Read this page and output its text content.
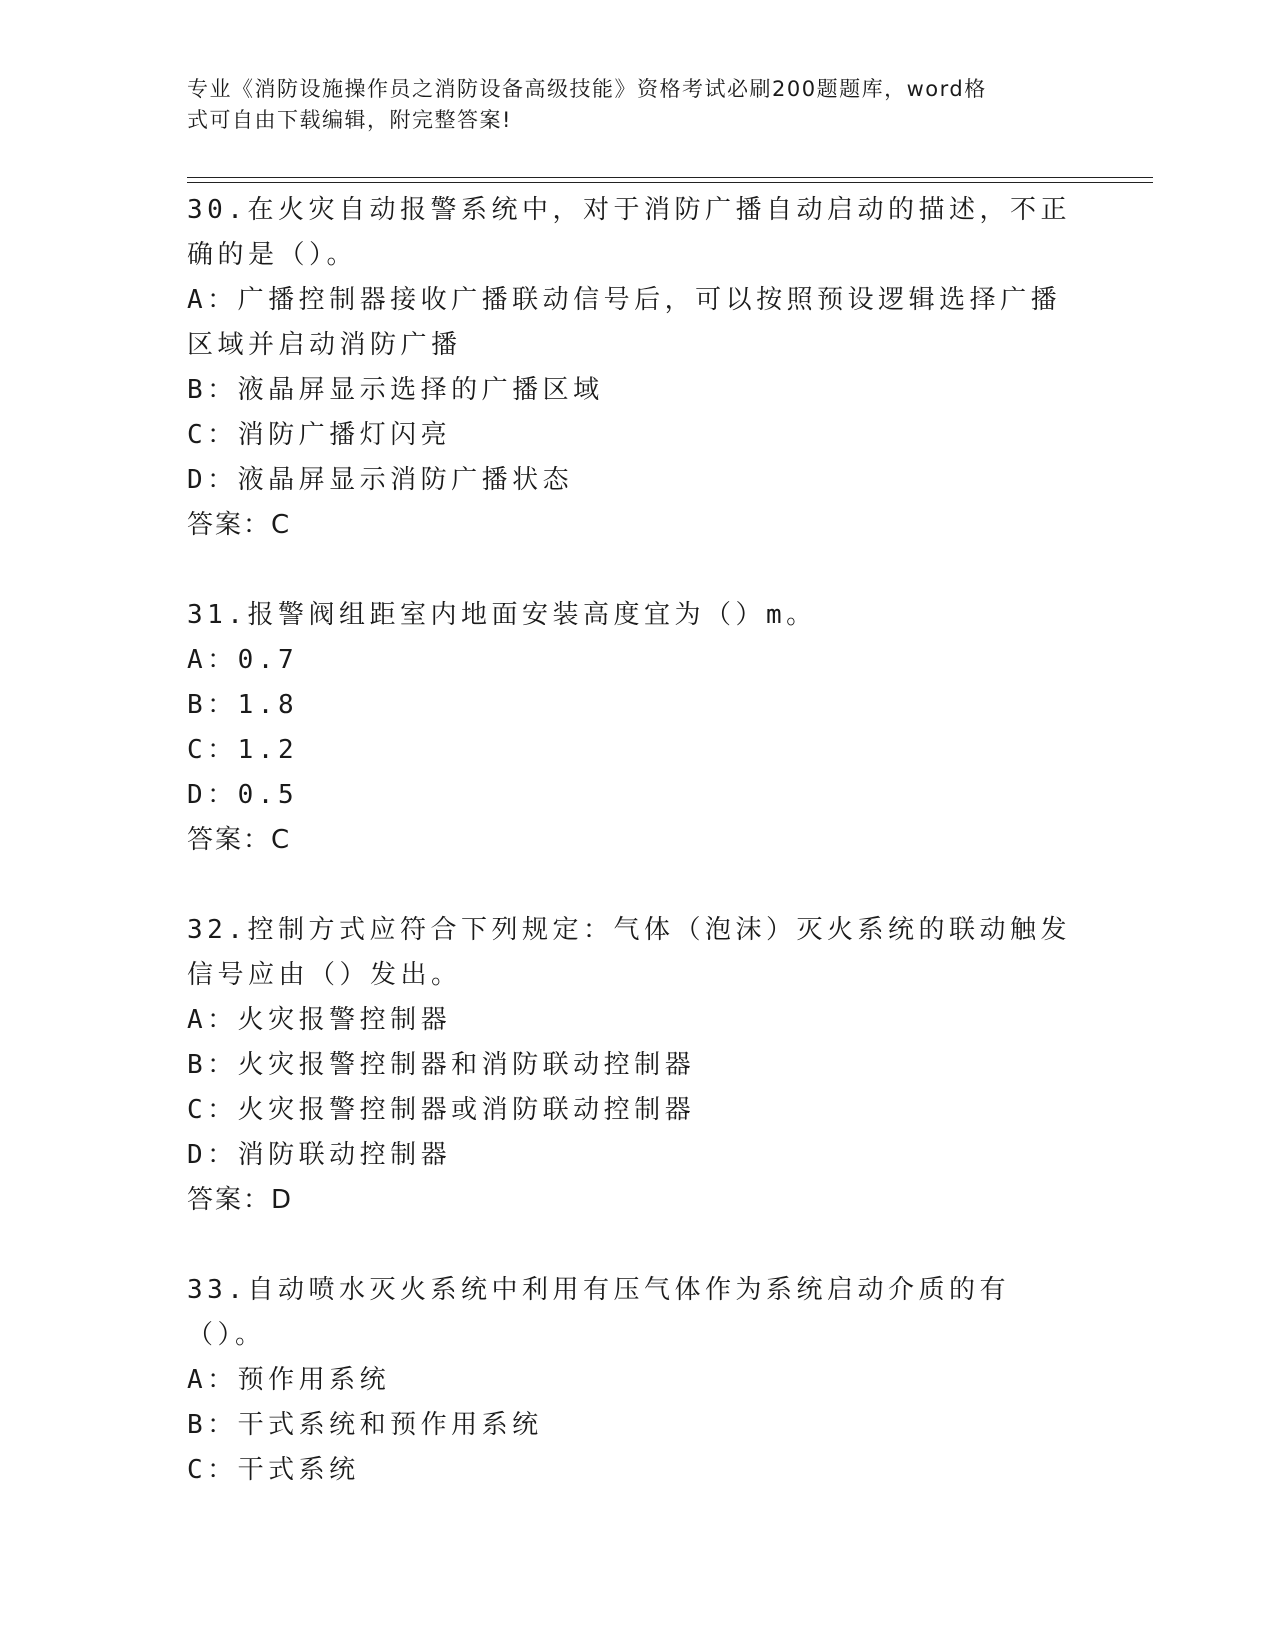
专业《消防设施操作员之消防设备高级技能》资格考试必刷200题题库，word格
式可自由下载编辑，附完整答案!
30.在火灾自动报警系统中，对于消防广播自动启动的描述，不正确的是（）。
A：广播控制器接收广播联动信号后，可以按照预设逻辑选择广播区域并启动消防广播
B：液晶屏显示选择的广播区域
C：消防广播灯闪亮
D：液晶屏显示消防广播状态
答案：C
31.报警阀组距室内地面安装高度宜为（）m。
A：0.7
B：1.8
C：1.2
D：0.5
答案：C
32.控制方式应符合下列规定：气体（泡沫）灭火系统的联动触发信号应由（）发出。
A：火灾报警控制器
B：火灾报警控制器和消防联动控制器
C：火灾报警控制器或消防联动控制器
D：消防联动控制器
答案：D
33.自动喷水灭火系统中利用有压气体作为系统启动介质的有（）。
A：预作用系统
B：干式系统和预作用系统
C：干式系统
